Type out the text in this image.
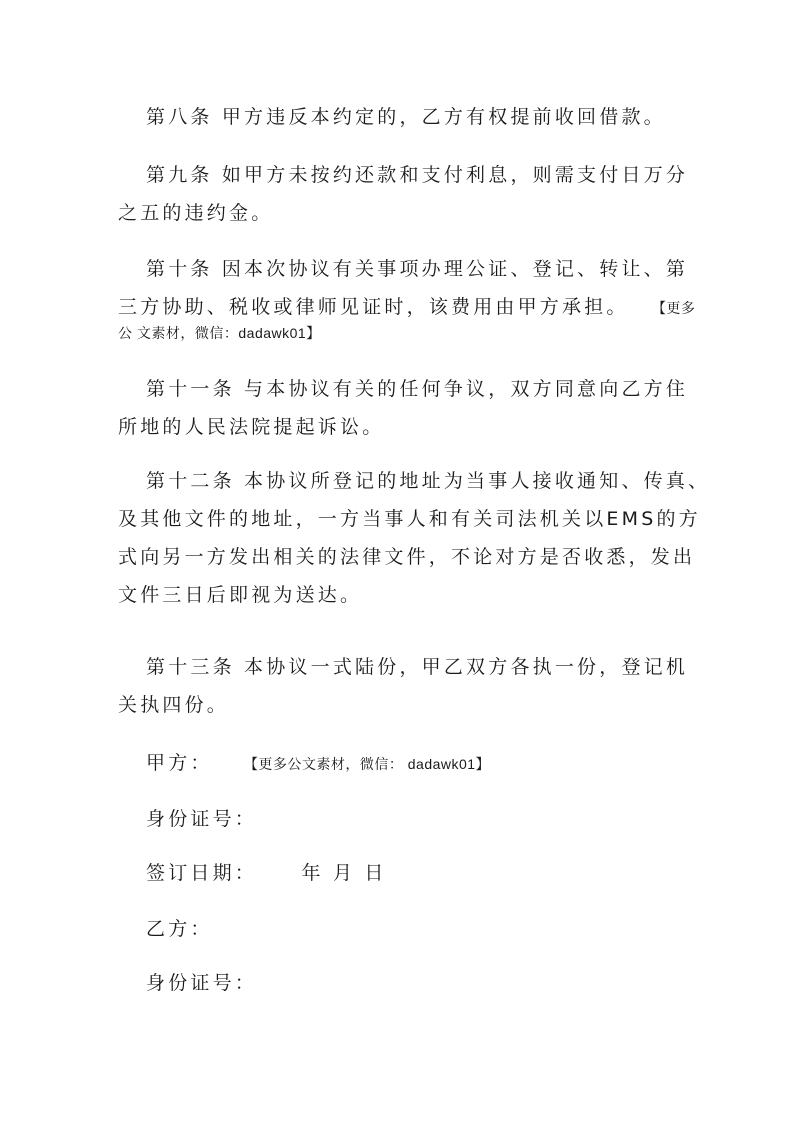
第八条 甲方违反本约定的，乙方有权提前收回借款。
第九条 如甲方未按约还款和支付利息，则需支付日万分
之五的违约金。
第十条 因本次协议有关事项办理公证、登记、转让、第
三方协助、税收或律师见证时，该费用由甲方承担。 【更多
公 文素材，微信：dadawk01】
第十一条 与本协议有关的任何争议，双方同意向乙方住
所地的人民法院提起诉讼。
第十二条 本协议所登记的地址为当事人接收通知、传真、
及其他文件的地址，一方当事人和有关司法机关以EMS的方
式向另一方发出相关的法律文件，不论对方是否收悉，发出
文件三日后即视为送达。
第十三条 本协议一式陆份，甲乙双方各执一份，登记机
关执四份。
甲方： 【更多公文素材，微信： dadawk01】
身份证号：
签订日期： 年 月 日
乙方：
身份证号：
